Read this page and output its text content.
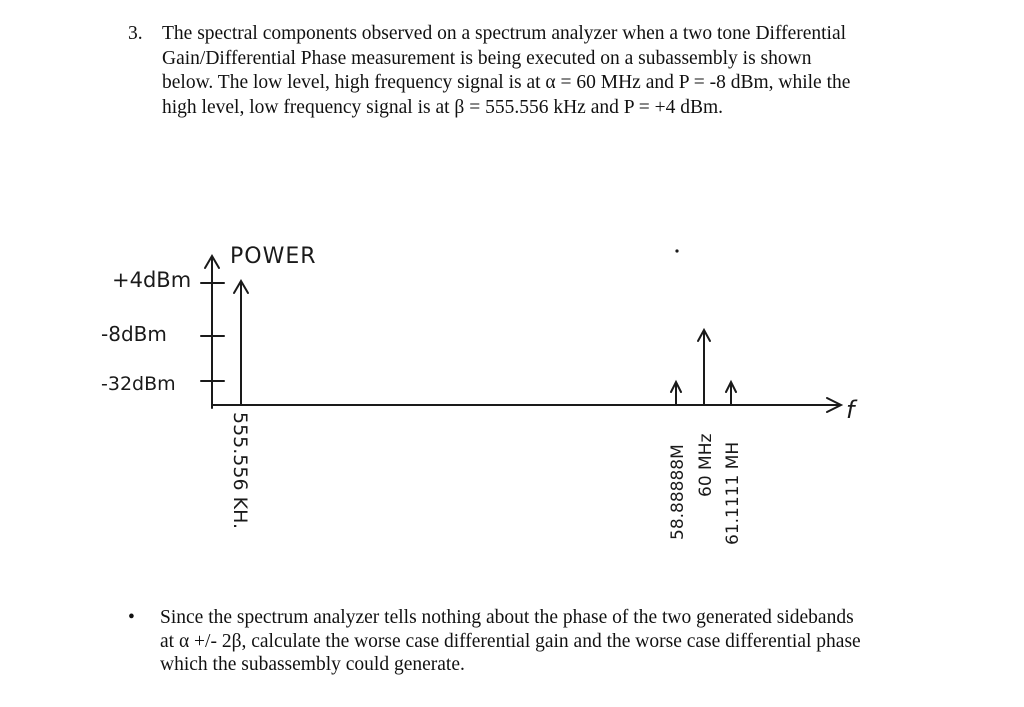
3. The spectral components observed on a spectrum analyzer when a two tone Differential
Gain/Differential Phase measurement is being executed on a subassembly is shown
below. The low level, high frequency signal is at α = 60 MHz and P = -8 dBm, while the
high level, low frequency signal is at β = 555.556 kHz and P = +4 dBm.
POWER
+4dBm
-8dBm
-32dBm
f
555.556 KH.	58.88888M 60 MHz 61.1111 MH
• Since the spectrum analyzer tells nothing about the phase of the two generated sidebands
at α +/- 2β, calculate the worse case differential gain and the worse case differential phase
which the subassembly could generate.
